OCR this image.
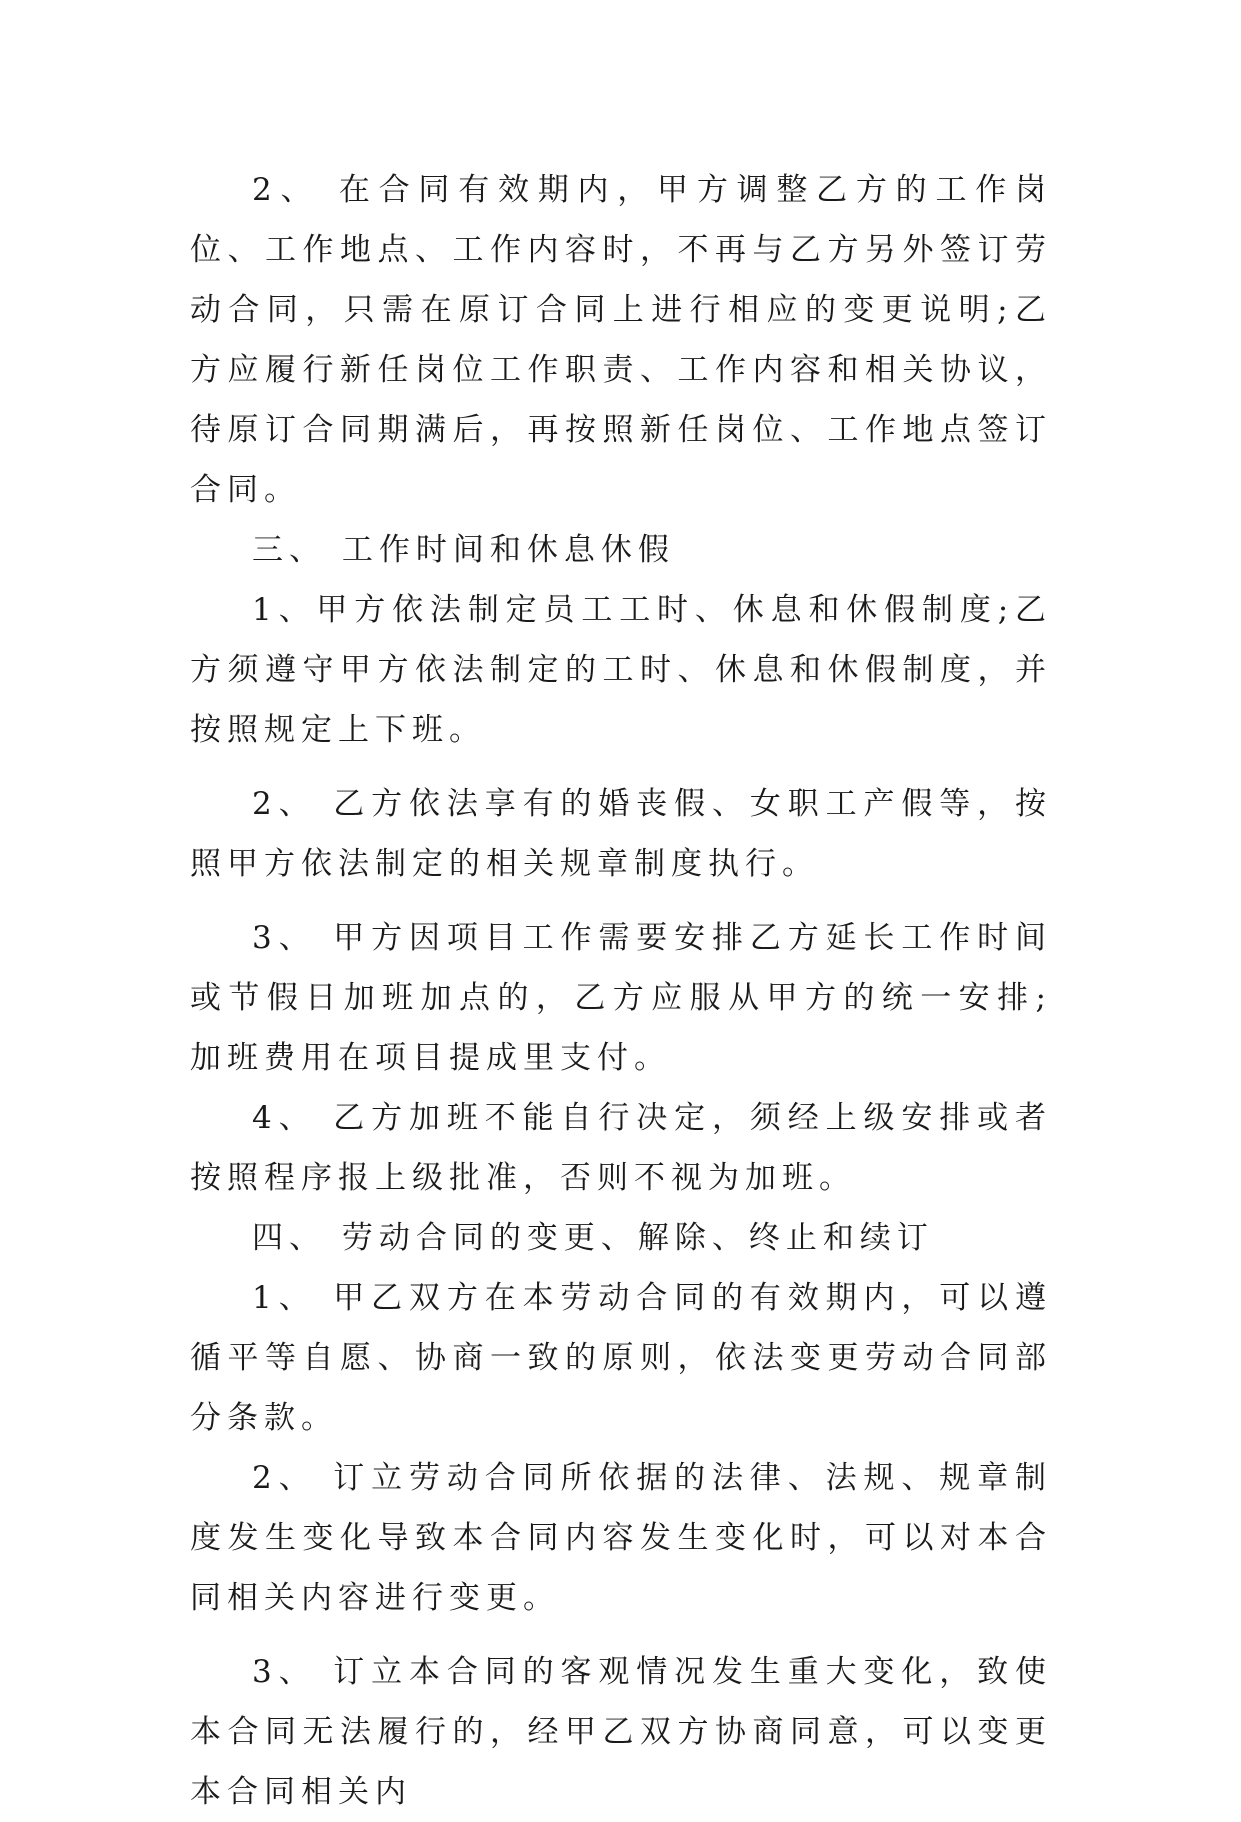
2、 在合同有效期内，甲方调整乙方的工作岗位、工作地点、工作内容时，不再与乙方另外签订劳动合同，只需在原订合同上进行相应的变更说明;乙方应履行新任岗位工作职责、工作内容和相关协议，待原订合同期满后，再按照新任岗位、工作地点签订合同。

三、 工作时间和休息休假

1、甲方依法制定员工工时、休息和休假制度;乙方须遵守甲方依法制定的工时、休息和休假制度，并按照规定上下班。

2、 乙方依法享有的婚丧假、女职工产假等，按照甲方依法制定的相关规章制度执行。

3、 甲方因项目工作需要安排乙方延长工作时间或节假日加班加点的，乙方应服从甲方的统一安排;加班费用在项目提成里支付。

4、 乙方加班不能自行决定，须经上级安排或者按照程序报上级批准，否则不视为加班。

四、 劳动合同的变更、解除、终止和续订

1、 甲乙双方在本劳动合同的有效期内，可以遵循平等自愿、协商一致的原则，依法变更劳动合同部分条款。

2、 订立劳动合同所依据的法律、法规、规章制度发生变化导致本合同内容发生变化时，可以对本合同相关内容进行变更。

3、 订立本合同的客观情况发生重大变化，致使本合同无法履行的，经甲乙双方协商同意，可以变更本合同相关内
